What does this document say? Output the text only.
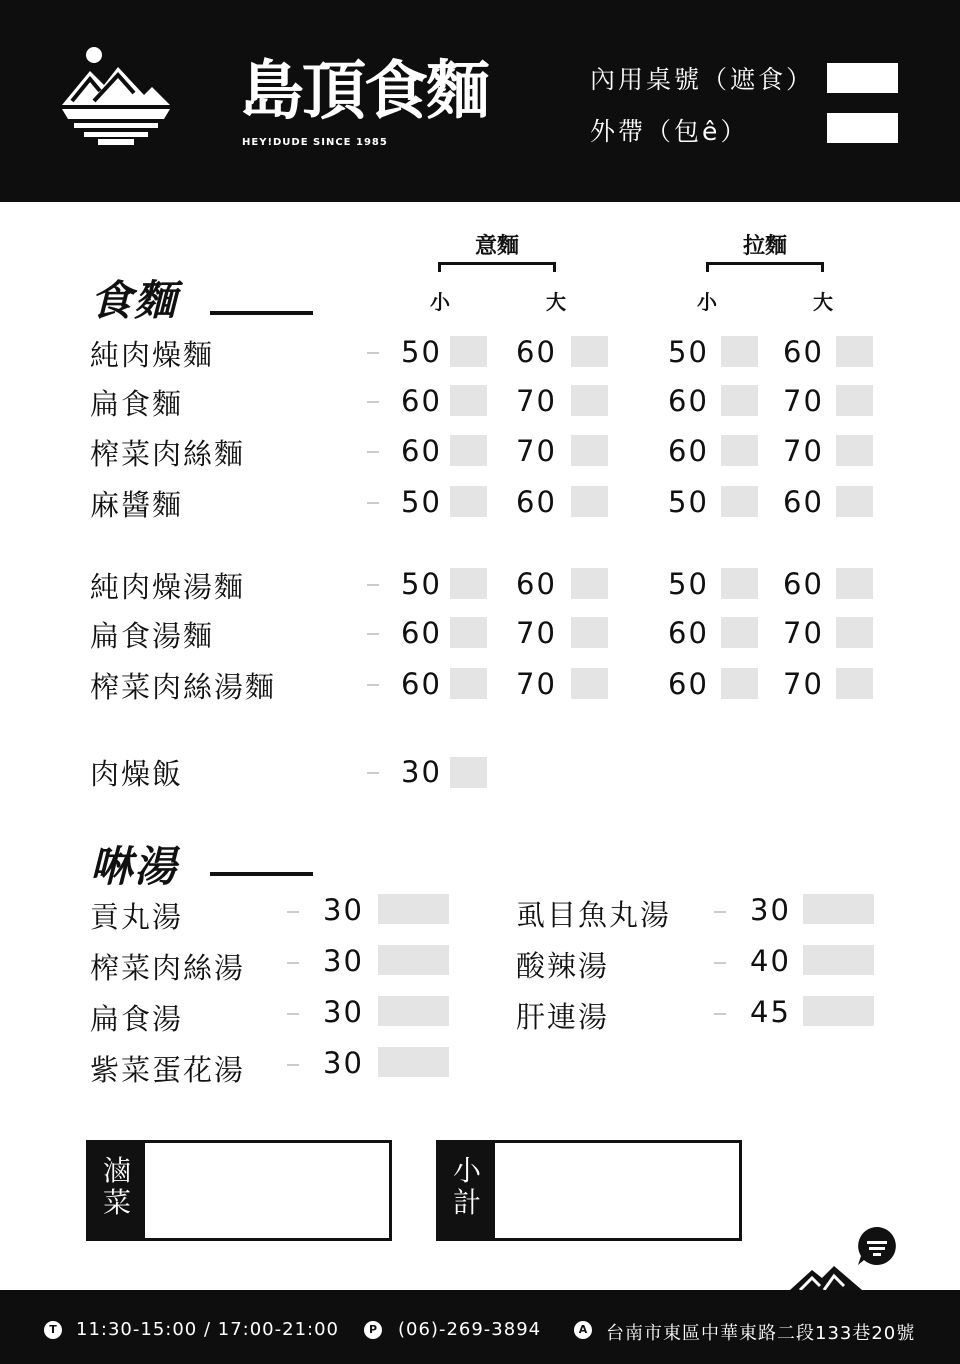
島頂食麵
HEY!DUDE SINCE 1985
內用桌號（遮食）
外帶（包ê）
食麵
意麵	拉麵
小	大	小	大
純肉燥麵	50	60	50	60
扁食麵	60	70	60	70
榨菜肉絲麵	60	70	60	70
麻醬麵	50	60	50	60
純肉燥湯麵	50	60	50	60
扁食湯麵	60	70	60	70
榨菜肉絲湯麵	60	70	60	70
肉燥飯	30
啉湯
貢丸湯	30
榨菜肉絲湯	30
扁食湯	30
紫菜蛋花湯	30
虱目魚丸湯	30
酸辣湯	40
肝連湯	45
滷菜
小計
T 11:30-15:00 / 17:00-21:00	P (06)-269-3894	A 台南市東區中華東路二段133巷20號
